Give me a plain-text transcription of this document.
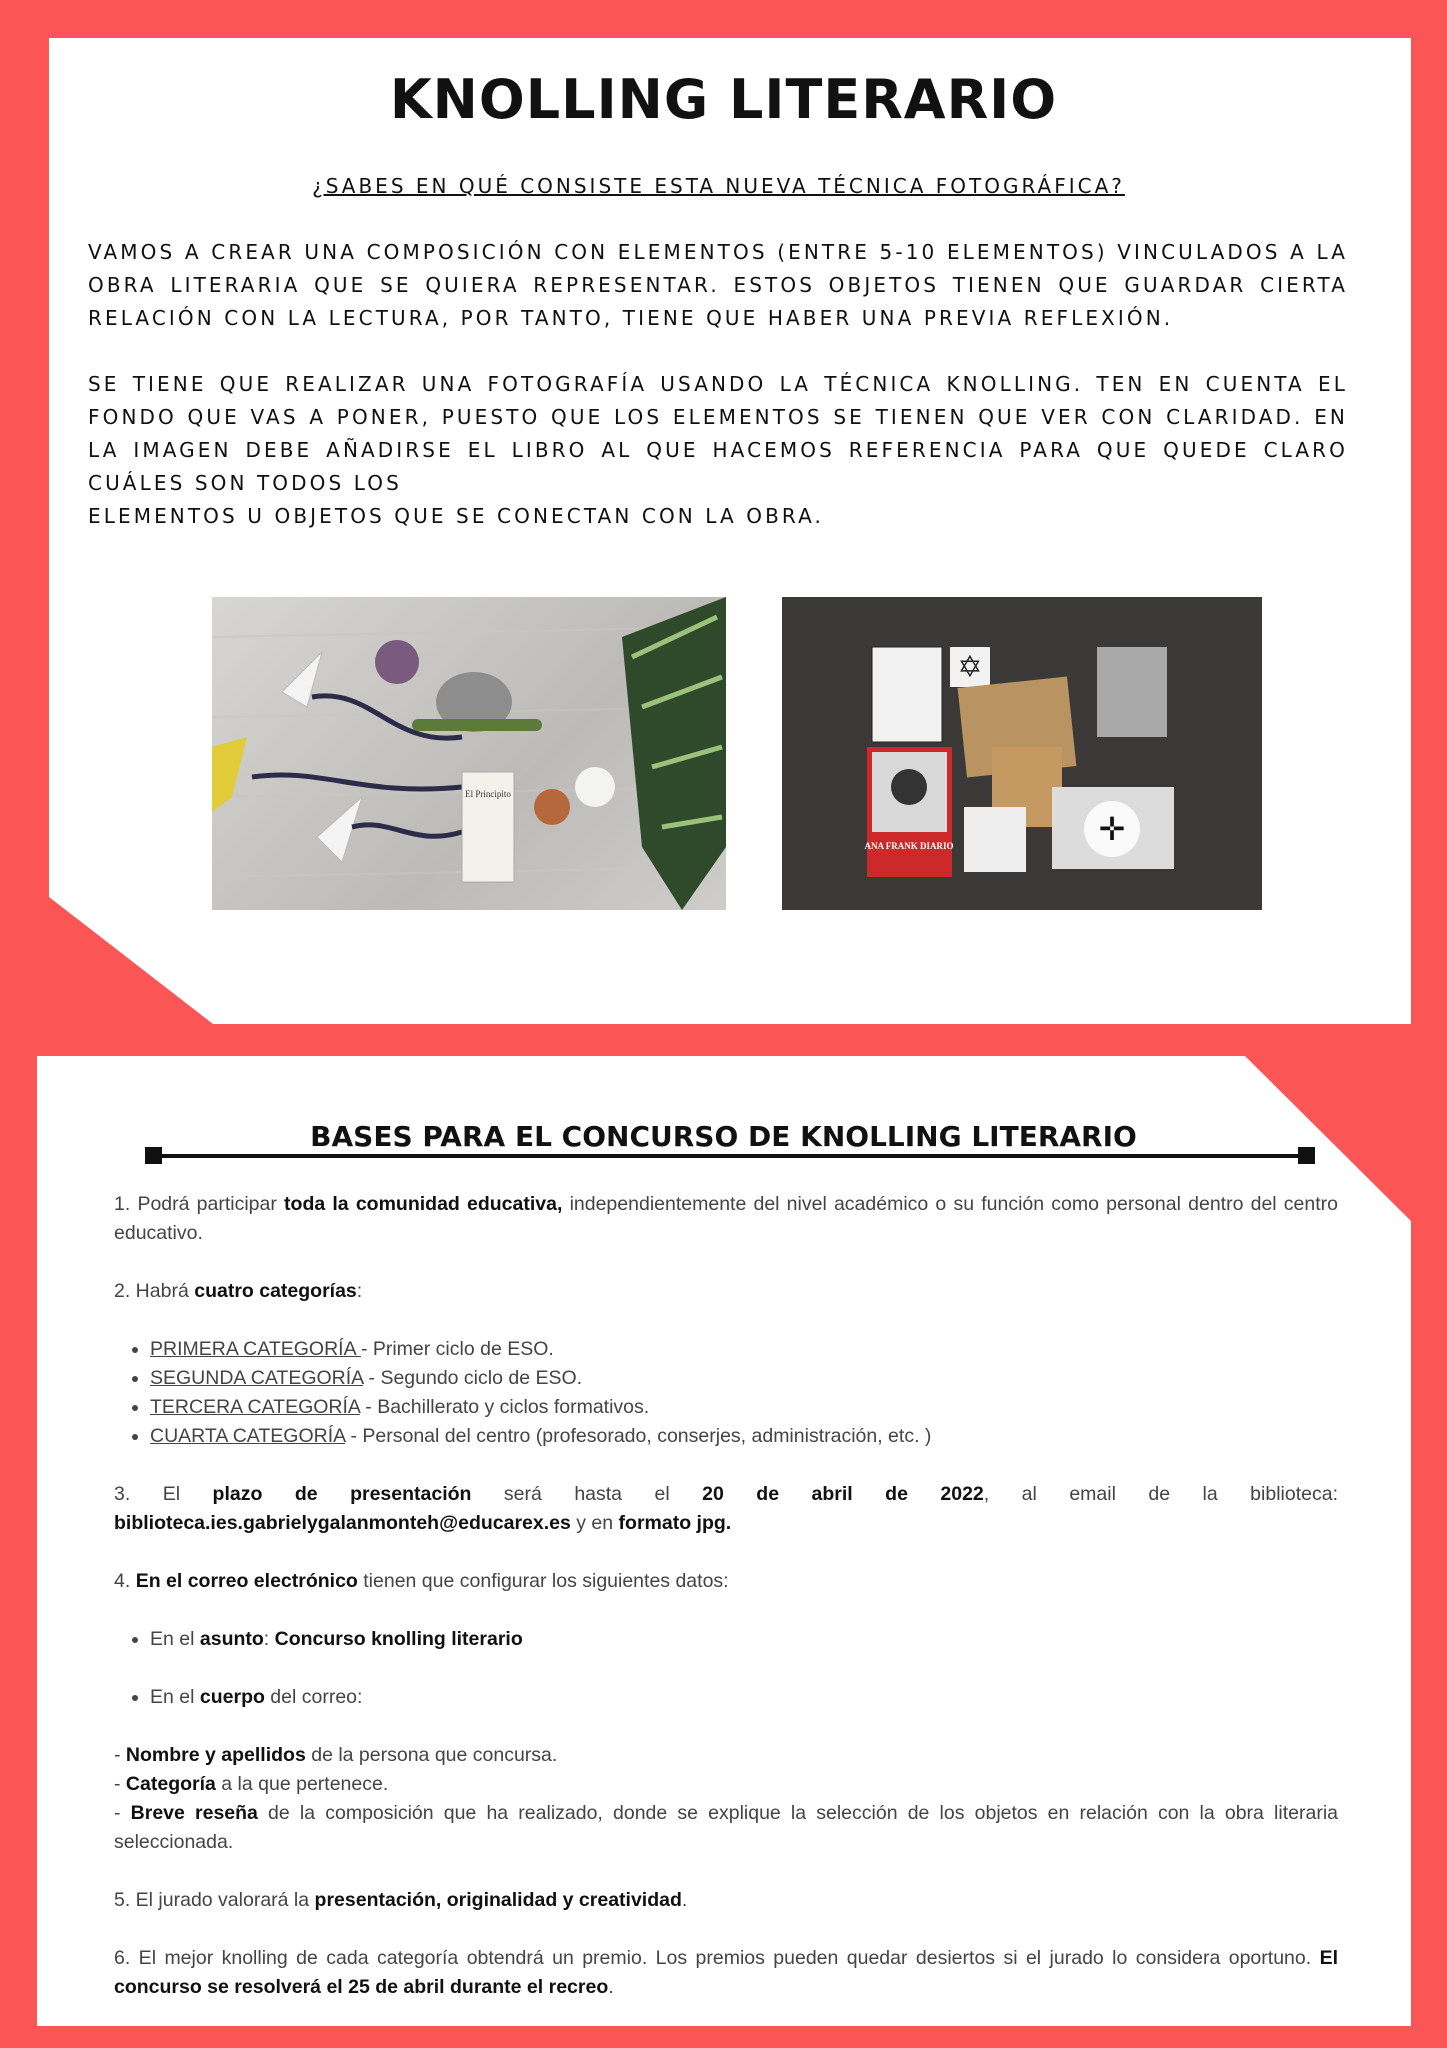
KNOLLING LITERARIO
¿SABES EN QUÉ CONSISTE ESTA NUEVA TÉCNICA FOTOGRÁFICA?

VAMOS A CREAR UNA COMPOSICIÓN CON ELEMENTOS (ENTRE 5-10 ELEMENTOS) VINCULADOS A LA OBRA LITERARIA QUE SE QUIERA REPRESENTAR. ESTOS OBJETOS TIENEN QUE GUARDAR CIERTA RELACIÓN CON LA LECTURA, POR TANTO, TIENE QUE HABER UNA PREVIA REFLEXIÓN.

SE TIENE QUE REALIZAR UNA FOTOGRAFÍA USANDO LA TÉCNICA KNOLLING. TEN EN CUENTA EL FONDO QUE VAS A PONER, PUESTO QUE LOS ELEMENTOS SE TIENEN QUE VER CON CLARIDAD. EN LA IMAGEN DEBE AÑADIRSE EL LIBRO AL QUE HACEMOS REFERENCIA PARA QUE QUEDE CLARO CUÁLES SON TODOS LOS

ELEMENTOS U OBJETOS QUE SE CONECTAN CON LA OBRA.

El Principito
✡
ANA FRANK DIARIO	✛
BASES PARA EL CONCURSO DE KNOLLING LITERARIO

1. Podrá participar toda la comunidad educativa, independientemente del nivel académico o su función como personal dentro del centro educativo.

2. Habrá cuatro categorías:

• PRIMERA CATEGORÍA - Primer ciclo de ESO.
• SEGUNDA CATEGORÍA - Segundo ciclo de ESO.
• TERCERA CATEGORÍA - Bachillerato y ciclos formativos.
• CUARTA CATEGORÍA - Personal del centro (profesorado, conserjes, administración, etc. )

3. El plazo de presentación será hasta el 20 de abril de 2022, al email de la biblioteca: biblioteca.ies.gabrielygalanmonteh@educarex.es y en formato jpg.

4. En el correo electrónico tienen que configurar los siguientes datos:

• En el asunto: Concurso knolling literario
• En el cuerpo del correo:

- Nombre y apellidos de la persona que concursa.

- Categoría a la que pertenece.

- Breve reseña de la composición que ha realizado, donde se explique la selección de los objetos en relación con la obra literaria seleccionada.

5. El jurado valorará la presentación, originalidad y creatividad.

6. El mejor knolling de cada categoría obtendrá un premio. Los premios pueden quedar desiertos si el jurado lo considera oportuno. El concurso se resolverá el 25 de abril durante el recreo.
